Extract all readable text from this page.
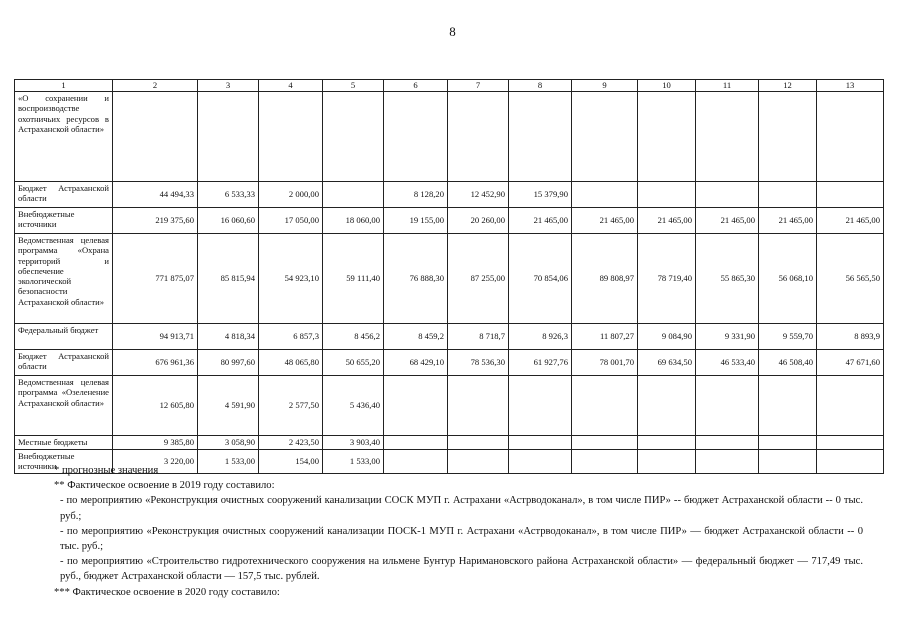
8
1	2	3	4	5	6	7	8	9	10	11	12	13
«О сохранении и воспроизводстве охотничьих ресурсов в Астраханской области»												
Бюджет Астраханской области	44 494,33	6 533,33	2 000,00		8 128,20	12 452,90	15 379,90					
Внебюджетные источники	219 375,60	16 060,60	17 050,00	18 060,00	19 155,00	20 260,00	21 465,00	21 465,00	21 465,00	21 465,00	21 465,00	21 465,00
Ведомственная целевая программа «Охрана территорий и обеспечение экологической безопасности Астраханской области»	771 875,07	85 815,94	54 923,10	59 111,40	76 888,30	87 255,00	70 854,06	89 808,97	78 719,40	55 865,30	56 068,10	56 565,50
Федеральный бюджет	94 913,71	4 818,34	6 857,3	8 456,2	8 459,2	8 718,7	8 926,3	11 807,27	9 084,90	9 331,90	9 559,70	8 893,9
Бюджет Астраханской области	676 961,36	80 997,60	48 065,80	50 655,20	68 429,10	78 536,30	61 927,76	78 001,70	69 634,50	46 533,40	46 508,40	47 671,60
Ведомственная целевая программа «Озеленение Астраханской области»	12 605,80	4 591,90	2 577,50	5 436,40								
Местные бюджеты	9 385,80	3 058,90	2 423,50	3 903,40								
Внебюджетные источники	3 220,00	1 533,00	154,00	1 533,00								

* прогнозные значения

** Фактическое освоение в 2019 году составило:

- по мероприятию «Реконструкция очистных сооружений канализации СОСК МУП г. Астрахани «Астрводоканал», в том числе ПИР» -- бюджет Астраханской области -- 0 тыс. руб.;

- по мероприятию «Реконструкция очистных сооружений канализации ПОСК-1 МУП г. Астрахани «Астрводоканал», в том числе ПИР» — бюджет Астраханской области -- 0 тыс. руб.;

- по мероприятию «Строительство гидротехнического сооружения на ильмене Бунтур Наримановского района Астраханской области» — федеральный бюджет — 717,49 тыс. руб., бюджет Астраханской области — 157,5 тыс. рублей.

*** Фактическое освоение в 2020 году составило:
